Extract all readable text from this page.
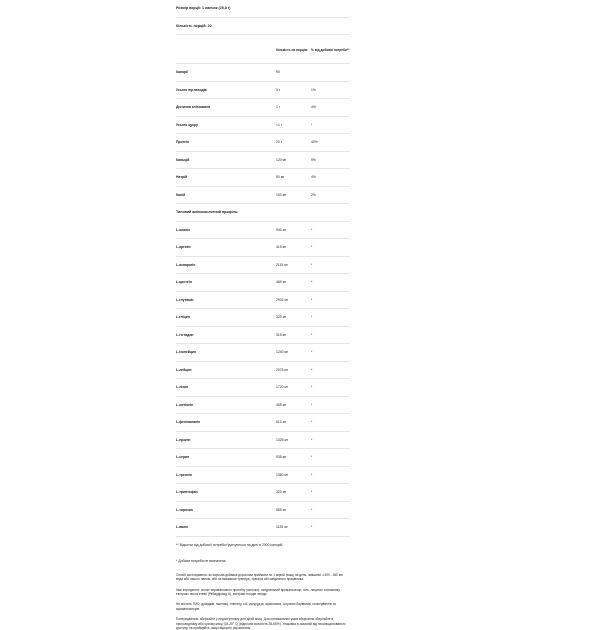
Розмір порції: 1 ланчик (25,8 г)
Кількість порцій: 20
Кількість на порцію	% від добової потреби**
Калорії	90
Усього вуглеводів	3 г	1%
Дієтична клітковина	1 г	4%
Усього цукру	<1 г	*
Протеїн	20 г	40%
Кальцій	120 мг	9%
Натрій	90 мг	4%
Калій	100 мг	2%
Типовий амінокислотний профіль:
L-аланін	940 мг	*
L-аргінін	415 мг	*
L-аспарагін	2115 мг	*
L-цистеїн	469 мг	*
L-глутамін	2932 мг	*
L-гліцин	320 мг	*
L-гістидин	315 мг	*
L-ізолейцин	1240 мг	*
L-лейцин	2075 мг	*
L-лізин	1720 мг	*
L-метіонін	405 мг	*
L-фенілаланін	610 мг	*
L-пролін	1325 мг	*
L-серин	935 мг	*
L-треонін	1360 мг	*
L-триптофан	320 мг	*
L-тирозин	585 мг	*
L-валін	1125 мг	*
** Відсотки від добової потреби ґрунтуються на дієті в 2000 калорій.
* Добова потреба не визначена.
Спосіб застосування: як харчова добавка дорослим приймати по 1 мірній ложці на день, змішаної з 300 - 360 мл води або іншого напою, або за вказівкою тренера, трекера або медичного працівника.
Інші інгредієнти: ізолят сироваткового протеїну (молоко), натуральний ароматизатор, сіль, лецитин соняшнику, екстракт листя стевії (Ребаудіозид А), екстракт плодів ченіди.
Не містить ГМО, дріжджів, пшениці, глютену, сої, кукурудзи, арахісових, штучних барвників, консервантів та ароматизаторів.
Попередження: зберігайте у недоступному для дітей місці. Для оптимальних умов зберігання зберігайте в прохолодному або сухому місці (15-25° C) (відносна вологість 35-65%). Упаковка в захисній від несанкціонованого доступу, не приймайте, якщо відсутнє ущільнення.
